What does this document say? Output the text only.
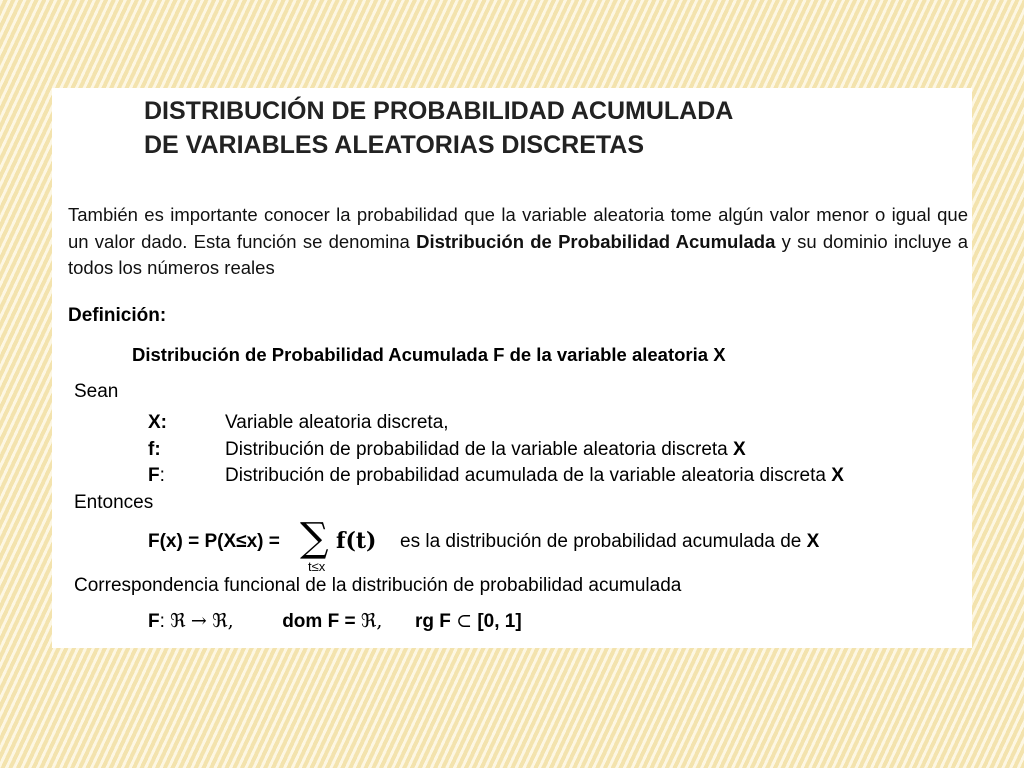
DISTRIBUCIÓN DE PROBABILIDAD ACUMULADA
DE VARIABLES ALEATORIAS DISCRETAS
También es importante conocer la probabilidad que la variable aleatoria tome algún valor menor o igual que un valor dado. Esta función se denomina Distribución de Probabilidad Acumulada y su dominio incluye a todos los números reales
Definición:
Distribución de Probabilidad Acumulada F de la variable aleatoria X
Sean
X:	Variable aleatoria discreta,
f:	Distribución de probabilidad de la variable aleatoria discreta X
F:	Distribución de probabilidad acumulada de la variable aleatoria discreta X
Entonces
F(x) = P(X≤x) = ∑
t≤x
f(t) es la distribución de probabilidad acumulada de X
Correspondencia funcional de la distribución de probabilidad acumulada
F: ℜ → ℜ,	dom F = ℜ, rg F ⊂ [0, 1]
